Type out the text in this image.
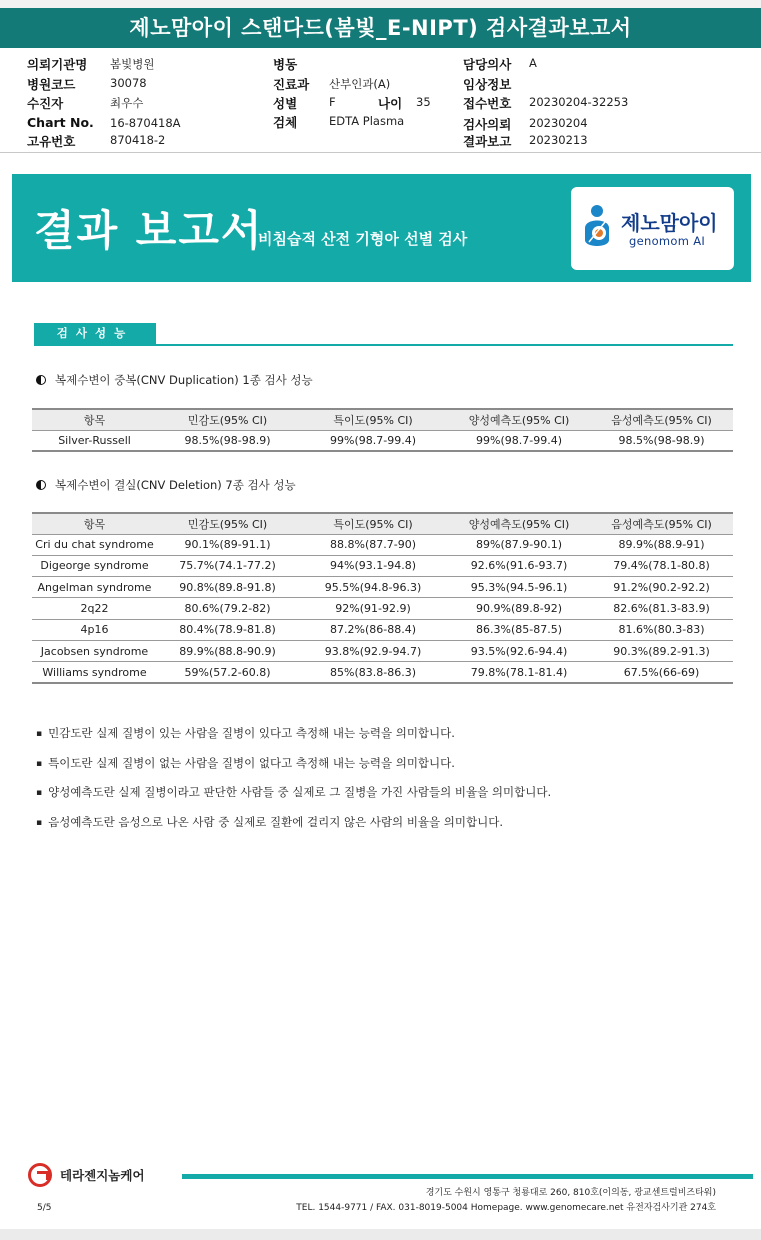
제노맘아이 스탠다드(봄빛_E-NIPT) 검사결과보고서
의뢰기관명 봄빛병원
병원코드	30078
수진자	최우수
Chart No. 16-870418A
고유번호	870418-2
병동
진료과 산부인과(A)
성별	F	나이 35
검체	EDTA Plasma
담당의사 A
임상정보
접수번호 20230204-32253
검사의뢰 20230204
결과보고 20230213
결과 보고서
비침습적 산전 기형아 선별 검사
제노맘아이
genomom AI
검사성능
복제수변이 중복(CNV Duplication) 1종 검사 성능
항목	민감도(95% CI)	특이도(95% CI)	양성예측도(95% CI)	음성예측도(95% CI)
Silver-Russell	98.5%(98-98.9)	99%(98.7-99.4)	99%(98.7-99.4)	98.5%(98-98.9)
복제수변이 결실(CNV Deletion) 7종 검사 성능
항목	민감도(95% CI)	특이도(95% CI)	양성예측도(95% CI)	음성예측도(95% CI)
Cri du chat syndrome	90.1%(89-91.1)	88.8%(87.7-90)	89%(87.9-90.1)	89.9%(88.9-91)
Digeorge syndrome	75.7%(74.1-77.2)	94%(93.1-94.8)	92.6%(91.6-93.7)	79.4%(78.1-80.8)
Angelman syndrome	90.8%(89.8-91.8)	95.5%(94.8-96.3)	95.3%(94.5-96.1)	91.2%(90.2-92.2)
2q22	80.6%(79.2-82)	92%(91-92.9)	90.9%(89.8-92)	82.6%(81.3-83.9)
4p16	80.4%(78.9-81.8)	87.2%(86-88.4)	86.3%(85-87.5)	81.6%(80.3-83)
Jacobsen syndrome	89.9%(88.8-90.9)	93.8%(92.9-94.7)	93.5%(92.6-94.4)	90.3%(89.2-91.3)
Williams syndrome	59%(57.2-60.8)	85%(83.8-86.3)	79.8%(78.1-81.4)	67.5%(66-69)
▪ 민감도란 실제 질병이 있는 사람을 질병이 있다고 측정해 내는 능력을 의미합니다.
▪ 특이도란 실제 질병이 없는 사람을 질병이 없다고 측정해 내는 능력을 의미합니다.
▪ 양성예측도란 실제 질병이라고 판단한 사람들 중 실제로 그 질병을 가진 사람들의 비율을 의미합니다.
▪ 음성예측도란 음성으로 나온 사람 중 실제로 질환에 걸리지 않은 사람의 비율을 의미합니다.
테라젠지놈케어
경기도 수원시 영통구 청룡대로 260, 810호(이의동, 광교센트럴비즈타워)
TEL. 1544-9771 / FAX. 031-8019-5004 Homepage. www.genomecare.net 유전자검사기관 274호
5/5
